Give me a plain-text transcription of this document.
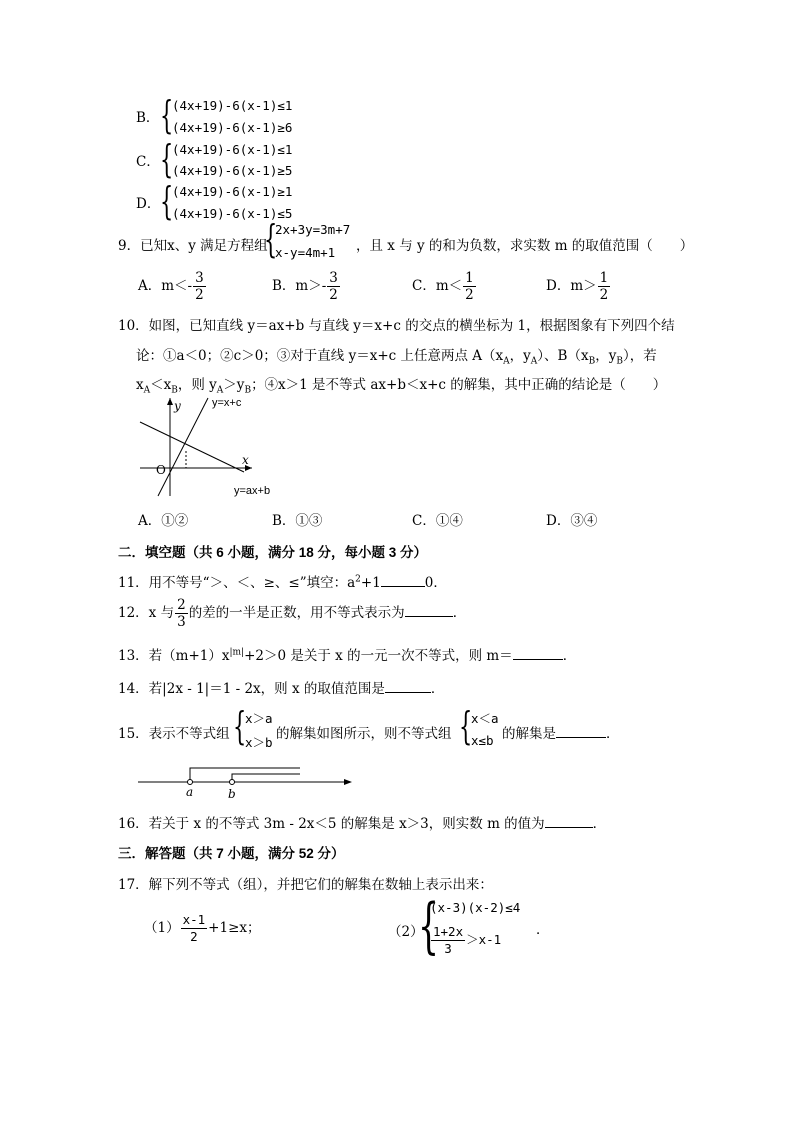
B． {
(4x+19)-6(x-1)≤1
(4x+19)-6(x-1)≥6
C． {
(4x+19)-6(x-1)≤1
(4x+19)-6(x-1)≥5
D． {
(4x+19)-6(x-1)≥1
(4x+19)-6(x-1)≤5
9．已知x、y 满足方程组
{
2x+3y=3m+7
x-y=4m+1 ，且 x 与 y 的和为负数，求实数 m 的取值范围（　　）
A．$m<- \frac{3}{2}$	B．$m>- \frac{3}{2}$	C．$m< \frac{1}{2}$	D．$m> \frac{1}{2}$
10．如图，已知直线 y＝ax+b 与直线 y＝x+c 的交点的横坐标为 1，根据图象有下列四个结
论：①a＜0；②c＞0；③对于直线 y＝x+c 上任意两点 $A(x_A$，$y_A$）、$B(x_B$，$y_B$），若
$x_A<x_B$，则 $y_A>y_B$；④x＞1 是不等式 ax+b＜x+c 的解集，其中正确的结论是（　　）
y
x
O
y=x+c
y=ax+b
A．①②	B．①③	C．①④	D．③④
二．填空题（共 6 小题，满分 18 分，每小题 3 分）
11．用不等号“＞、＜、≥、≤”填空：$a^2+1$	0．
12．x 与 $\frac{2}{3}$ 的差的一半是正数，用不等式表示为	．
13．若$(m+1)x^{|m|}+2>0$ 是关于 x 的一元一次不等式，则 m＝	．
14．若|2x - 1|＝1 - 2x，则 x 的取值范围是	．
15．表示不等式组 {
x＞a
x＞b
的解集如图所示，则不等式组 {
x＜a
x≤b 的解集是	．
a	b
16．若关于 x 的不等式 3m - 2x＜5 的解集是 x＞3，则实数 m 的值为	．
三．解答题（共 7 小题，满分 52 分）
17．解下列不等式（组），并把它们的解集在数轴上表示出来：
$(1) \frac{x-1}{2} +1\ge x$；	（2）
{
(x-3)(x-2)≤4
$\frac{1+2x}{3} >x-1$
．
